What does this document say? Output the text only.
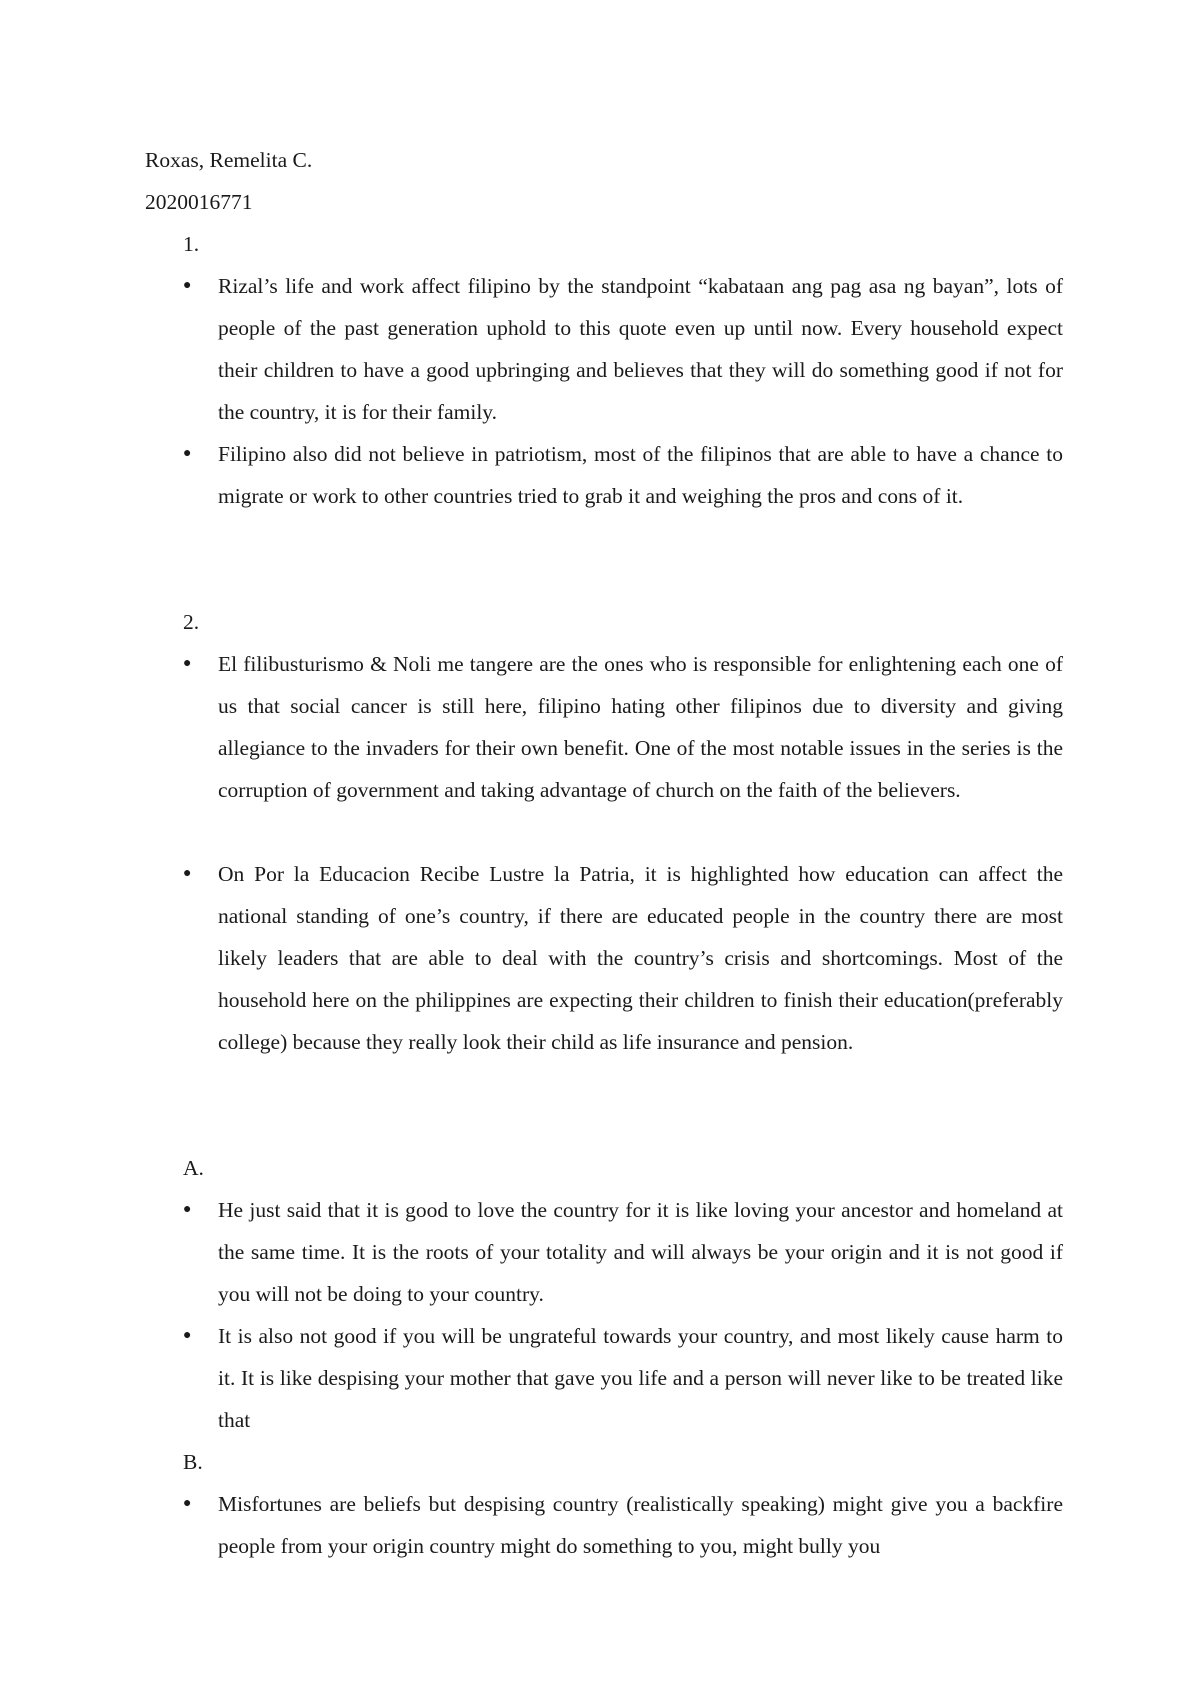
Roxas, Remelita C.
2020016771
1.
● Rizal’s life and work affect filipino by the standpoint “kabataan ang pag asa ng bayan”, lots of people of the past generation uphold to this quote even up until now. Every household expect their children to have a good upbringing and believes that they will do something good if not for the country, it is for their family.
● Filipino also did not believe in patriotism, most of the filipinos that are able to have a chance to migrate or work to other countries tried to grab it and weighing the pros and cons of it.
2.
● El filibusturismo & Noli me tangere are the ones who is responsible for enlightening each one of us that social cancer is still here, filipino hating other filipinos due to diversity and giving allegiance to the invaders for their own benefit. One of the most notable issues in the series is the corruption of government and taking advantage of church on the faith of the believers.
● On Por la Educacion Recibe Lustre la Patria, it is highlighted how education can affect the national standing of one’s country, if there are educated people in the country there are most likely leaders that are able to deal with the country’s crisis and shortcomings. Most of the household here on the philippines are expecting their children to finish their education(preferably college) because they really look their child as life insurance and pension.
A.
● He just said that it is good to love the country for it is like loving your ancestor and homeland at the same time. It is the roots of your totality and will always be your origin and it is not good if you will not be doing to your country.
● It is also not good if you will be ungrateful towards your country, and most likely cause harm to it. It is like despising your mother that gave you life and a person will never like to be treated like that
B.
● Misfortunes are beliefs but despising country (realistically speaking) might give you a backfire people from your origin country might do something to you, might bully you
